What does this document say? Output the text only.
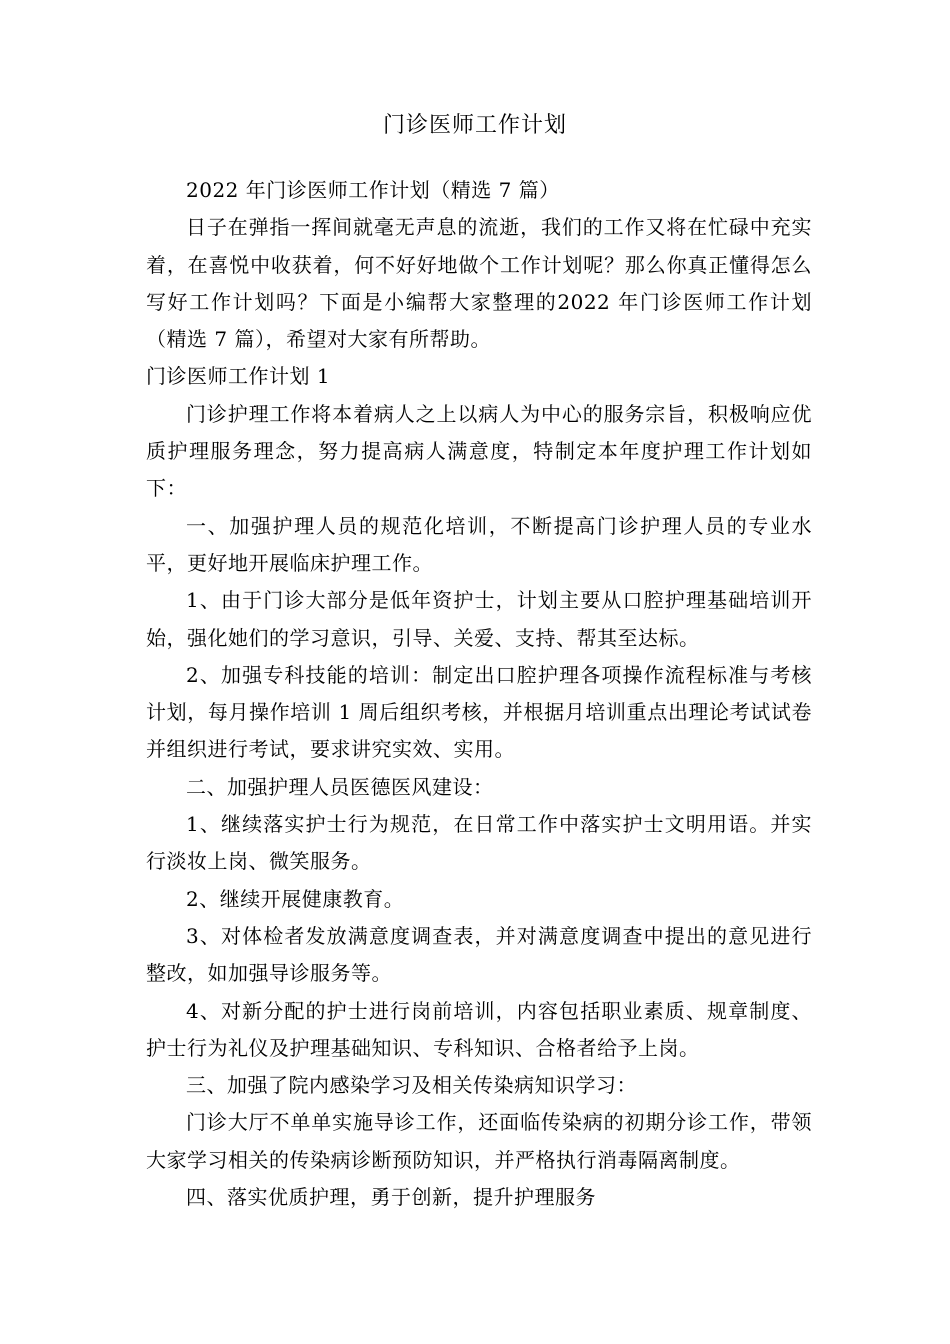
门诊医师工作计划

2022 年门诊医师工作计划（精选 7 篇）

日子在弹指一挥间就毫无声息的流逝，我们的工作又将在忙碌中充实着，在喜悦中收获着，何不好好地做个工作计划呢？那么你真正懂得怎么写好工作计划吗？下面是小编帮大家整理的2022 年门诊医师工作计划（精选 7 篇），希望对大家有所帮助。

门诊医师工作计划 1

门诊护理工作将本着病人之上以病人为中心的服务宗旨，积极响应优质护理服务理念，努力提高病人满意度，特制定本年度护理工作计划如下：

一、加强护理人员的规范化培训，不断提高门诊护理人员的专业水平，更好地开展临床护理工作。

1、由于门诊大部分是低年资护士，计划主要从口腔护理基础培训开始，强化她们的学习意识，引导、关爱、支持、帮其至达标。

2、加强专科技能的培训：制定出口腔护理各项操作流程标准与考核计划，每月操作培训 1 周后组织考核，并根据月培训重点出理论考试试卷并组织进行考试，要求讲究实效、实用。

二、加强护理人员医德医风建设：

1、继续落实护士行为规范，在日常工作中落实护士文明用语。并实行淡妆上岗、微笑服务。

2、继续开展健康教育。

3、对体检者发放满意度调查表，并对满意度调查中提出的意见进行整改，如加强导诊服务等。

4、对新分配的护士进行岗前培训，内容包括职业素质、规章制度、护士行为礼仪及护理基础知识、专科知识、合格者给予上岗。

三、加强了院内感染学习及相关传染病知识学习：

门诊大厅不单单实施导诊工作，还面临传染病的初期分诊工作，带领大家学习相关的传染病诊断预防知识，并严格执行消毒隔离制度。

四、落实优质护理，勇于创新，提升护理服务
